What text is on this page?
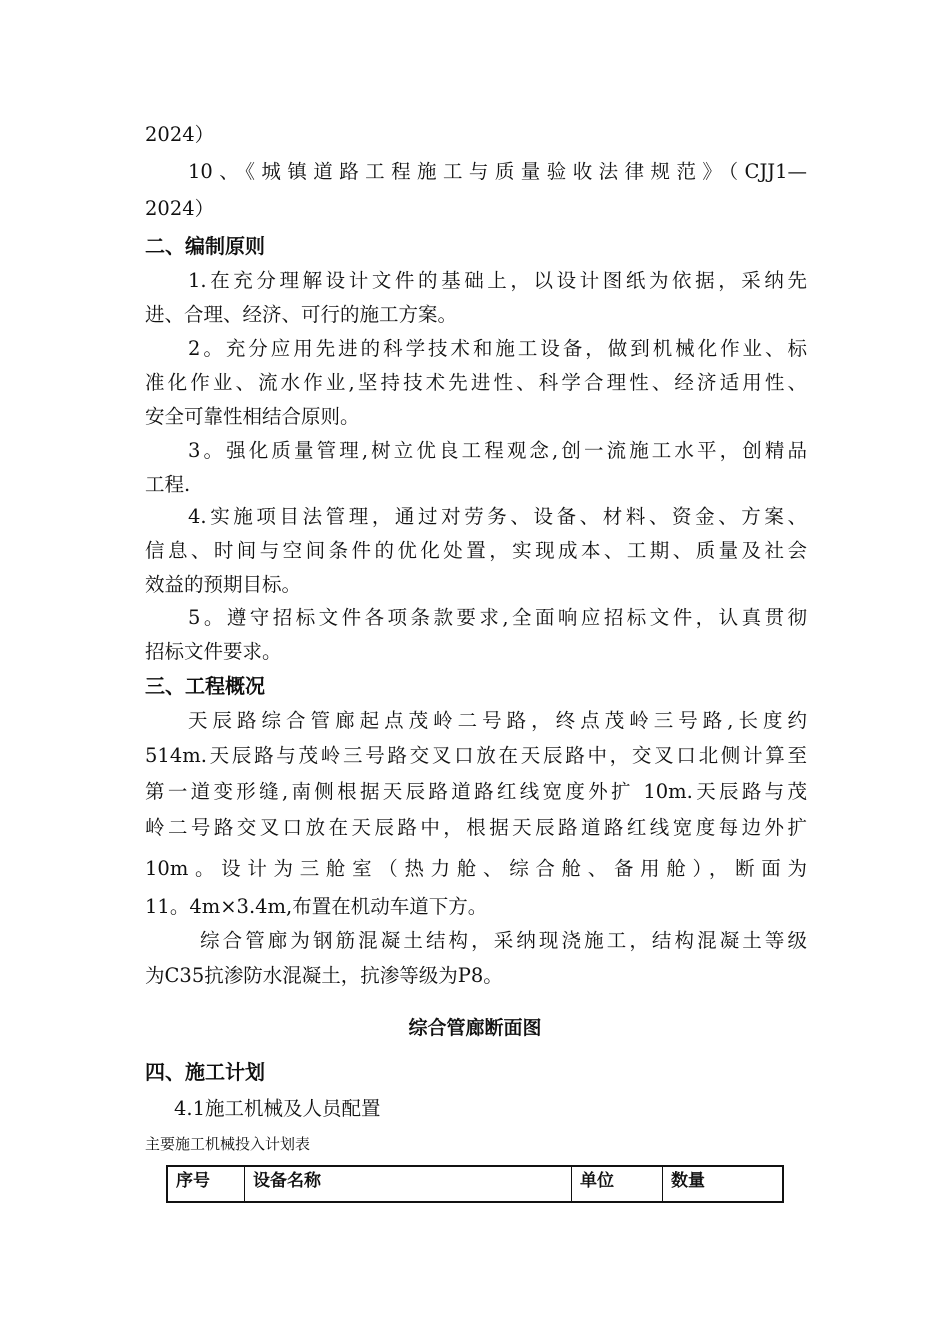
2024）
10、《城镇道路工程施工与质量验收法律规范》（CJJ1—
2024）
二、编制原则
1.在充分理解设计文件的基础上，以设计图纸为依据，采纳先
进、合理、经济、可行的施工方案。
2。充分应用先进的科学技术和施工设备，做到机械化作业、标
准化作业、流水作业,坚持技术先进性、科学合理性、经济适用性、
安全可靠性相结合原则。
3。强化质量管理,树立优良工程观念,创一流施工水平，创精品
工程.
4.实施项目法管理，通过对劳务、设备、材料、资金、方案、
信息、时间与空间条件的优化处置，实现成本、工期、质量及社会
效益的预期目标。
5。遵守招标文件各项条款要求,全面响应招标文件，认真贯彻
招标文件要求。
三、工程概况
天辰路综合管廊起点茂岭二号路，终点茂岭三号路,长度约
514m.天辰路与茂岭三号路交叉口放在天辰路中，交叉口北侧计算至
第一道变形缝,南侧根据天辰路道路红线宽度外扩 10m.天辰路与茂
岭二号路交叉口放在天辰路中，根据天辰路道路红线宽度每边外扩
10m。设计为三舱室（热力舱、综合舱、备用舱），断面为
11。4m×3.4m,布置在机动车道下方。
综合管廊为钢筋混凝土结构，采纳现浇施工，结构混凝土等级
为C35抗渗防水混凝土，抗渗等级为P8。
综合管廊断面图
四、施工计划
4.1施工机械及人员配置
主要施工机械投入计划表
序号	设备名称	单位	数量
